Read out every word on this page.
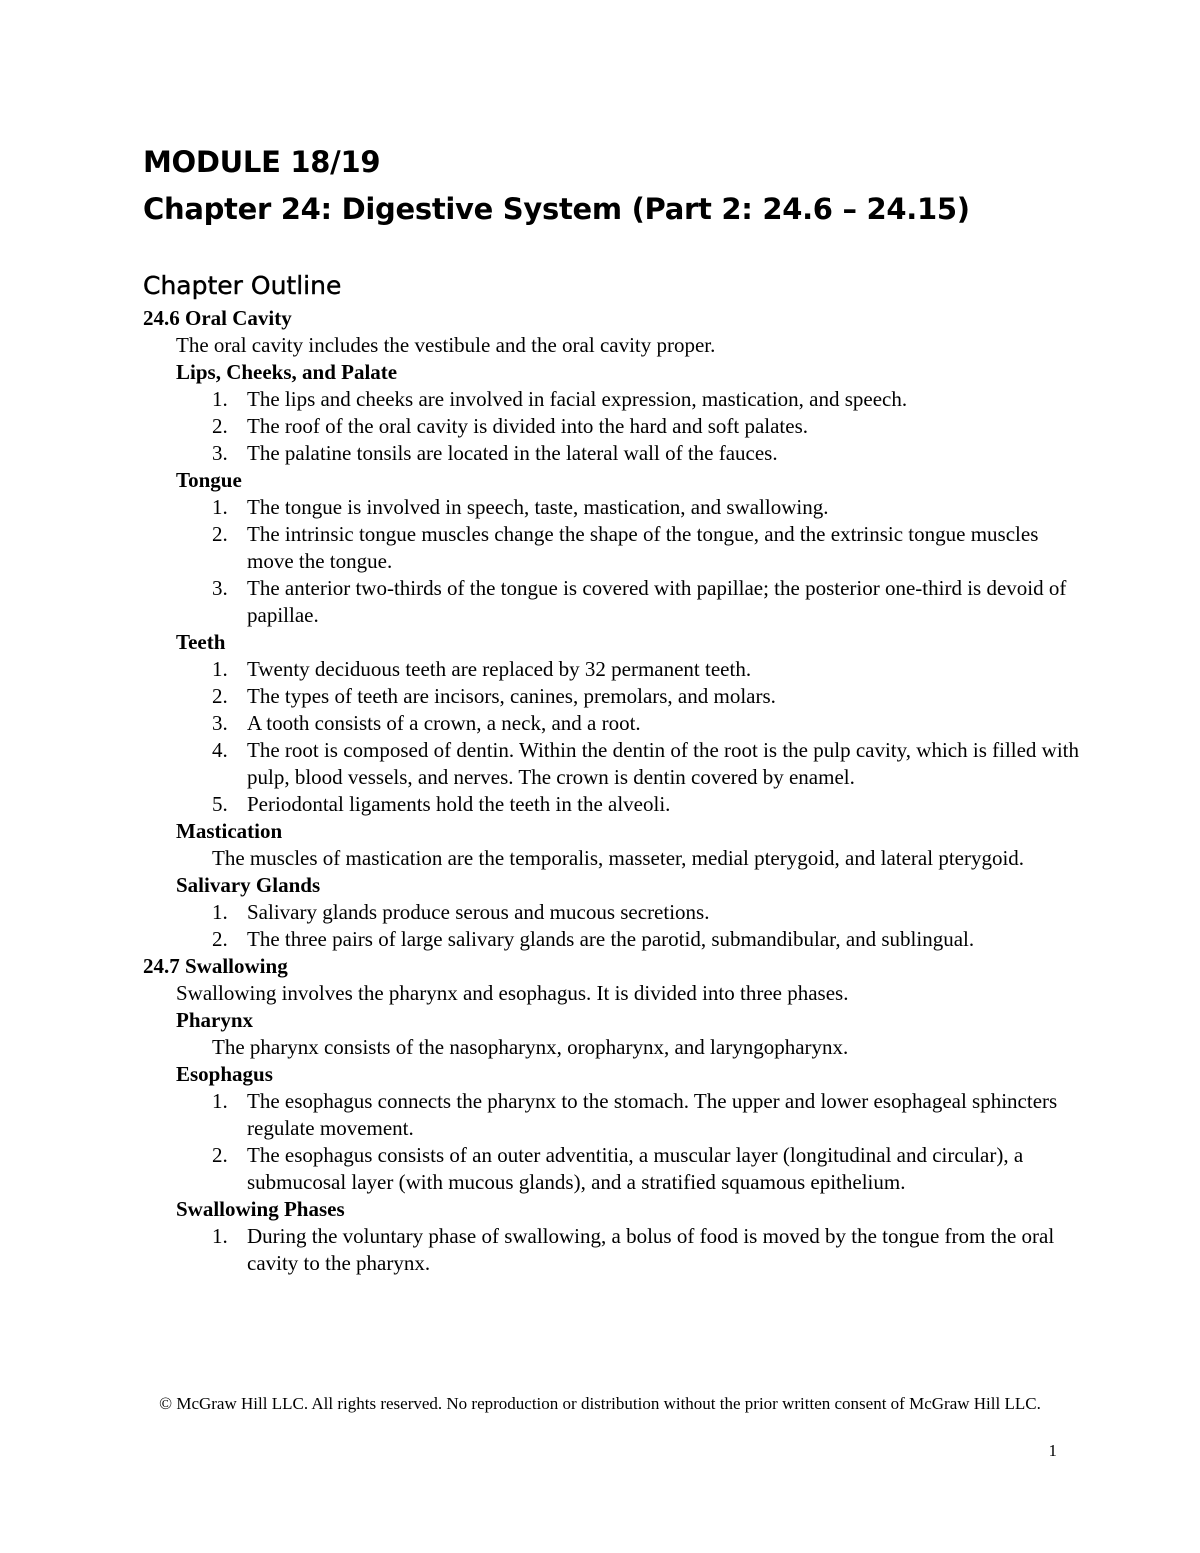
MODULE 18/19
Chapter 24: Digestive System (Part 2: 24.6 – 24.15)
Chapter Outline
24.6 Oral Cavity
The oral cavity includes the vestibule and the oral cavity proper.
Lips, Cheeks, and Palate
1. The lips and cheeks are involved in facial expression, mastication, and speech.
2. The roof of the oral cavity is divided into the hard and soft palates.
3. The palatine tonsils are located in the lateral wall of the fauces.
Tongue
1. The tongue is involved in speech, taste, mastication, and swallowing.
2. The intrinsic tongue muscles change the shape of the tongue, and the extrinsic tongue muscles move the tongue.
3. The anterior two-thirds of the tongue is covered with papillae; the posterior one-third is devoid of papillae.
Teeth
1. Twenty deciduous teeth are replaced by 32 permanent teeth.
2. The types of teeth are incisors, canines, premolars, and molars.
3. A tooth consists of a crown, a neck, and a root.
4. The root is composed of dentin. Within the dentin of the root is the pulp cavity, which is filled with pulp, blood vessels, and nerves. The crown is dentin covered by enamel.
5. Periodontal ligaments hold the teeth in the alveoli.
Mastication
The muscles of mastication are the temporalis, masseter, medial pterygoid, and lateral pterygoid.
Salivary Glands
1. Salivary glands produce serous and mucous secretions.
2. The three pairs of large salivary glands are the parotid, submandibular, and sublingual.
24.7 Swallowing
Swallowing involves the pharynx and esophagus. It is divided into three phases.
Pharynx
The pharynx consists of the nasopharynx, oropharynx, and laryngopharynx.
Esophagus
1. The esophagus connects the pharynx to the stomach. The upper and lower esophageal sphincters regulate movement.
2. The esophagus consists of an outer adventitia, a muscular layer (longitudinal and circular), a submucosal layer (with mucous glands), and a stratified squamous epithelium.
Swallowing Phases
1. During the voluntary phase of swallowing, a bolus of food is moved by the tongue from the oral cavity to the pharynx.
© McGraw Hill LLC. All rights reserved. No reproduction or distribution without the prior written consent of McGraw Hill LLC.
1
